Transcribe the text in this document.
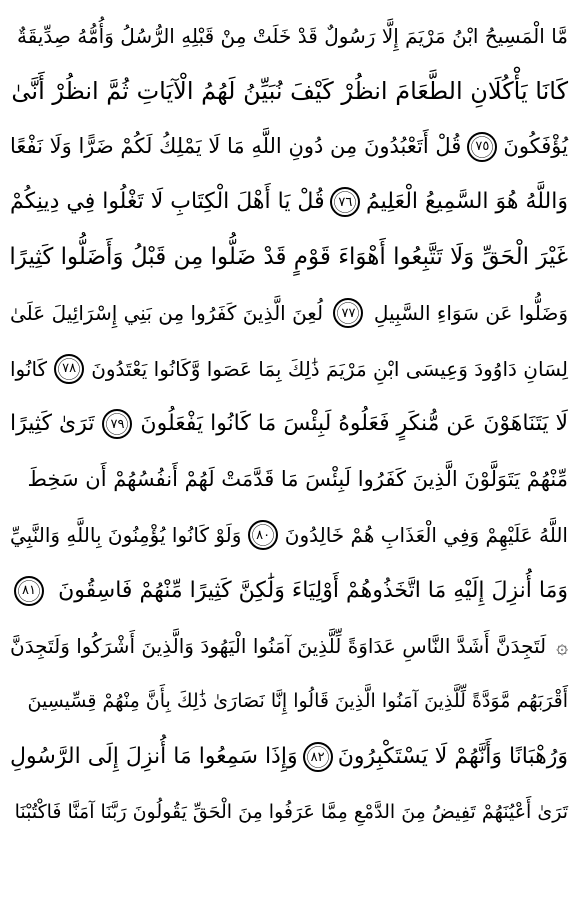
مَّا الْمَسِيحُ ابْنُ مَرْيَمَ إِلَّا رَسُولٌ قَدْ خَلَتْ مِنْ قَبْلِهِ الرُّسُلُ وَأُمُّهُ صِدِّيقَةٌ
كَانَا يَأْكُلَانِ الطَّعَامَ انظُرْ كَيْفَ نُبَيِّنُ لَهُمُ الْآيَاتِ ثُمَّ انظُرْ أَنَّىٰ
يُؤْفَكُونَ
٧٥
قُلْ أَتَعْبُدُونَ مِن دُونِ اللَّهِ مَا لَا يَمْلِكُ لَكُمْ ضَرًّا وَلَا نَفْعًا
وَاللَّهُ هُوَ السَّمِيعُ الْعَلِيمُ
٧٦
قُلْ يَا أَهْلَ الْكِتَابِ لَا تَغْلُوا فِي دِينِكُمْ
غَيْرَ الْحَقِّ وَلَا تَتَّبِعُوا أَهْوَاءَ قَوْمٍ قَدْ ضَلُّوا مِن قَبْلُ وَأَضَلُّوا كَثِيرًا
وَضَلُّوا عَن سَوَاءِ السَّبِيلِ
٧٧
لُعِنَ الَّذِينَ كَفَرُوا مِن بَنِي إِسْرَائِيلَ عَلَىٰ
لِسَانِ دَاوُودَ وَعِيسَى ابْنِ مَرْيَمَ ذَٰلِكَ بِمَا عَصَوا وَّكَانُوا يَعْتَدُونَ
٧٨
كَانُوا
لَا يَتَنَاهَوْنَ عَن مُّنكَرٍ فَعَلُوهُ لَبِئْسَ مَا كَانُوا يَفْعَلُونَ
٧٩
تَرَىٰ كَثِيرًا
مِّنْهُمْ يَتَوَلَّوْنَ الَّذِينَ كَفَرُوا لَبِئْسَ مَا قَدَّمَتْ لَهُمْ أَنفُسُهُمْ أَن سَخِطَ
اللَّهُ عَلَيْهِمْ وَفِي الْعَذَابِ هُمْ خَالِدُونَ
٨٠
وَلَوْ كَانُوا يُؤْمِنُونَ بِاللَّهِ وَالنَّبِيِّ
وَمَا أُنزِلَ إِلَيْهِ مَا اتَّخَذُوهُمْ أَوْلِيَاءَ وَلَٰكِنَّ كَثِيرًا مِّنْهُمْ فَاسِقُونَ
٨١
۞
لَتَجِدَنَّ أَشَدَّ النَّاسِ عَدَاوَةً لِّلَّذِينَ آمَنُوا الْيَهُودَ وَالَّذِينَ أَشْرَكُوا وَلَتَجِدَنَّ
أَقْرَبَهُم مَّوَدَّةً لِّلَّذِينَ آمَنُوا الَّذِينَ قَالُوا إِنَّا نَصَارَىٰ ذَٰلِكَ بِأَنَّ مِنْهُمْ قِسِّيسِينَ
وَرُهْبَانًا وَأَنَّهُمْ لَا يَسْتَكْبِرُونَ
٨٢
وَإِذَا سَمِعُوا مَا أُنزِلَ إِلَى الرَّسُولِ
تَرَىٰ أَعْيُنَهُمْ تَفِيضُ مِنَ الدَّمْعِ مِمَّا عَرَفُوا مِنَ الْحَقِّ يَقُولُونَ رَبَّنَا آمَنَّا فَاكْتُبْنَا
